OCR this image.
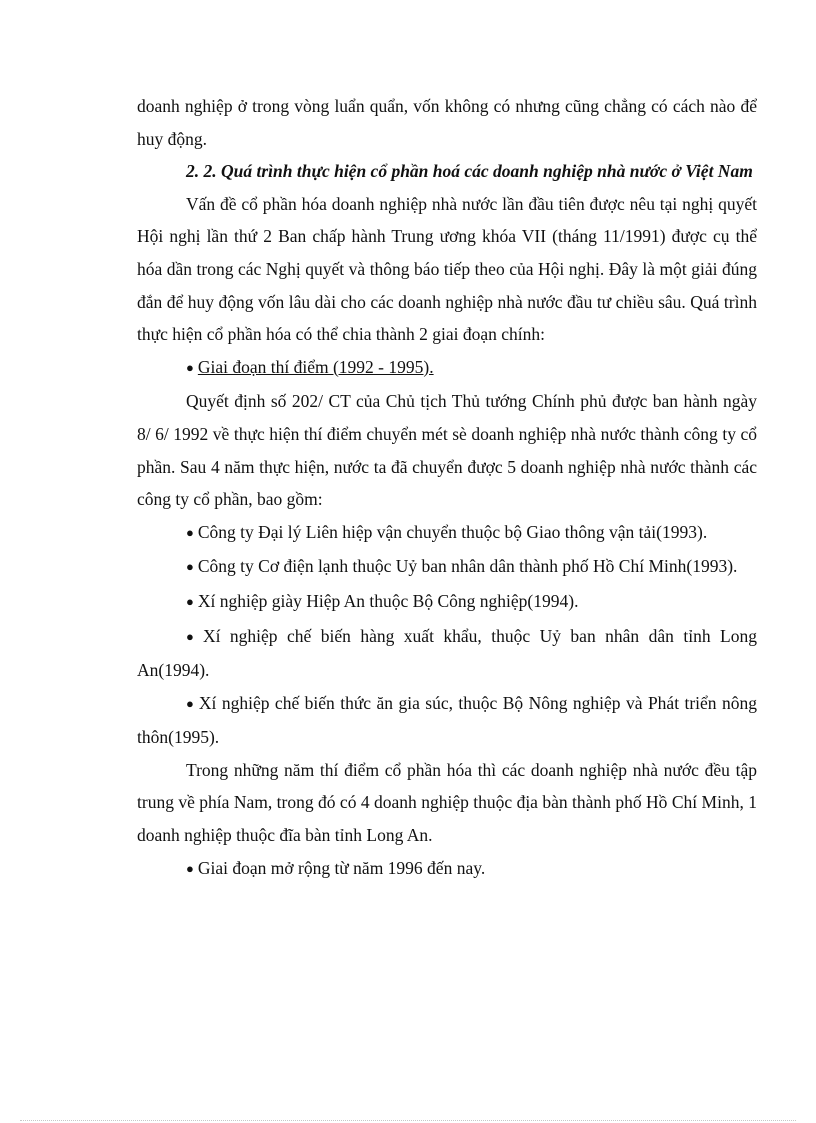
doanh nghiệp ở trong vòng luẩn quẩn, vốn không có nhưng cũng chẳng có cách nào để huy động.

2. 2. Quá trình thực hiện cổ phần hoá các doanh nghiệp nhà nước ở Việt Nam

Vấn đề cổ phần hóa doanh nghiệp nhà nước lần đầu tiên được nêu tại nghị quyết Hội nghị lần thứ 2 Ban chấp hành Trung ương khóa VII (tháng 11/1991) được cụ thể hóa dần trong các Nghị quyết và thông báo tiếp theo của Hội nghị. Đây là một giải đúng đắn để huy động vốn lâu dài cho các doanh nghiệp nhà nước đầu tư chiều sâu. Quá trình thực hiện cổ phần hóa có thể chia thành 2 giai đoạn chính:

● Giai đoạn thí điểm (1992 - 1995).

Quyết định số 202/ CT của Chủ tịch Thủ tướng Chính phủ được ban hành ngày 8/ 6/ 1992 về thực hiện thí điểm chuyển mét sè doanh nghiệp nhà nước thành công ty cổ phần. Sau 4 năm thực hiện, nước ta đã chuyển được 5 doanh nghiệp nhà nước thành các công ty cổ phần, bao gồm:

● Công ty Đại lý Liên hiệp vận chuyển thuộc bộ Giao thông vận tải(1993).

● Công ty Cơ điện lạnh thuộc Uỷ ban nhân dân thành phố Hồ Chí Minh(1993).

● Xí nghiệp giày Hiệp An thuộc Bộ Công nghiệp(1994).

● Xí nghiệp chế biến hàng xuất khẩu, thuộc Uỷ ban nhân dân tỉnh Long An(1994).

● Xí nghiệp chế biến thức ăn gia súc, thuộc Bộ Nông nghiệp và Phát triển nông thôn(1995).

Trong những năm thí điểm cổ phần hóa thì các doanh nghiệp nhà nước đều tập trung về phía Nam, trong đó có 4 doanh nghiệp thuộc địa bàn thành phố Hồ Chí Minh, 1 doanh nghiệp thuộc đĩa bàn tỉnh Long An.

● Giai đoạn mở rộng từ năm 1996 đến nay.
